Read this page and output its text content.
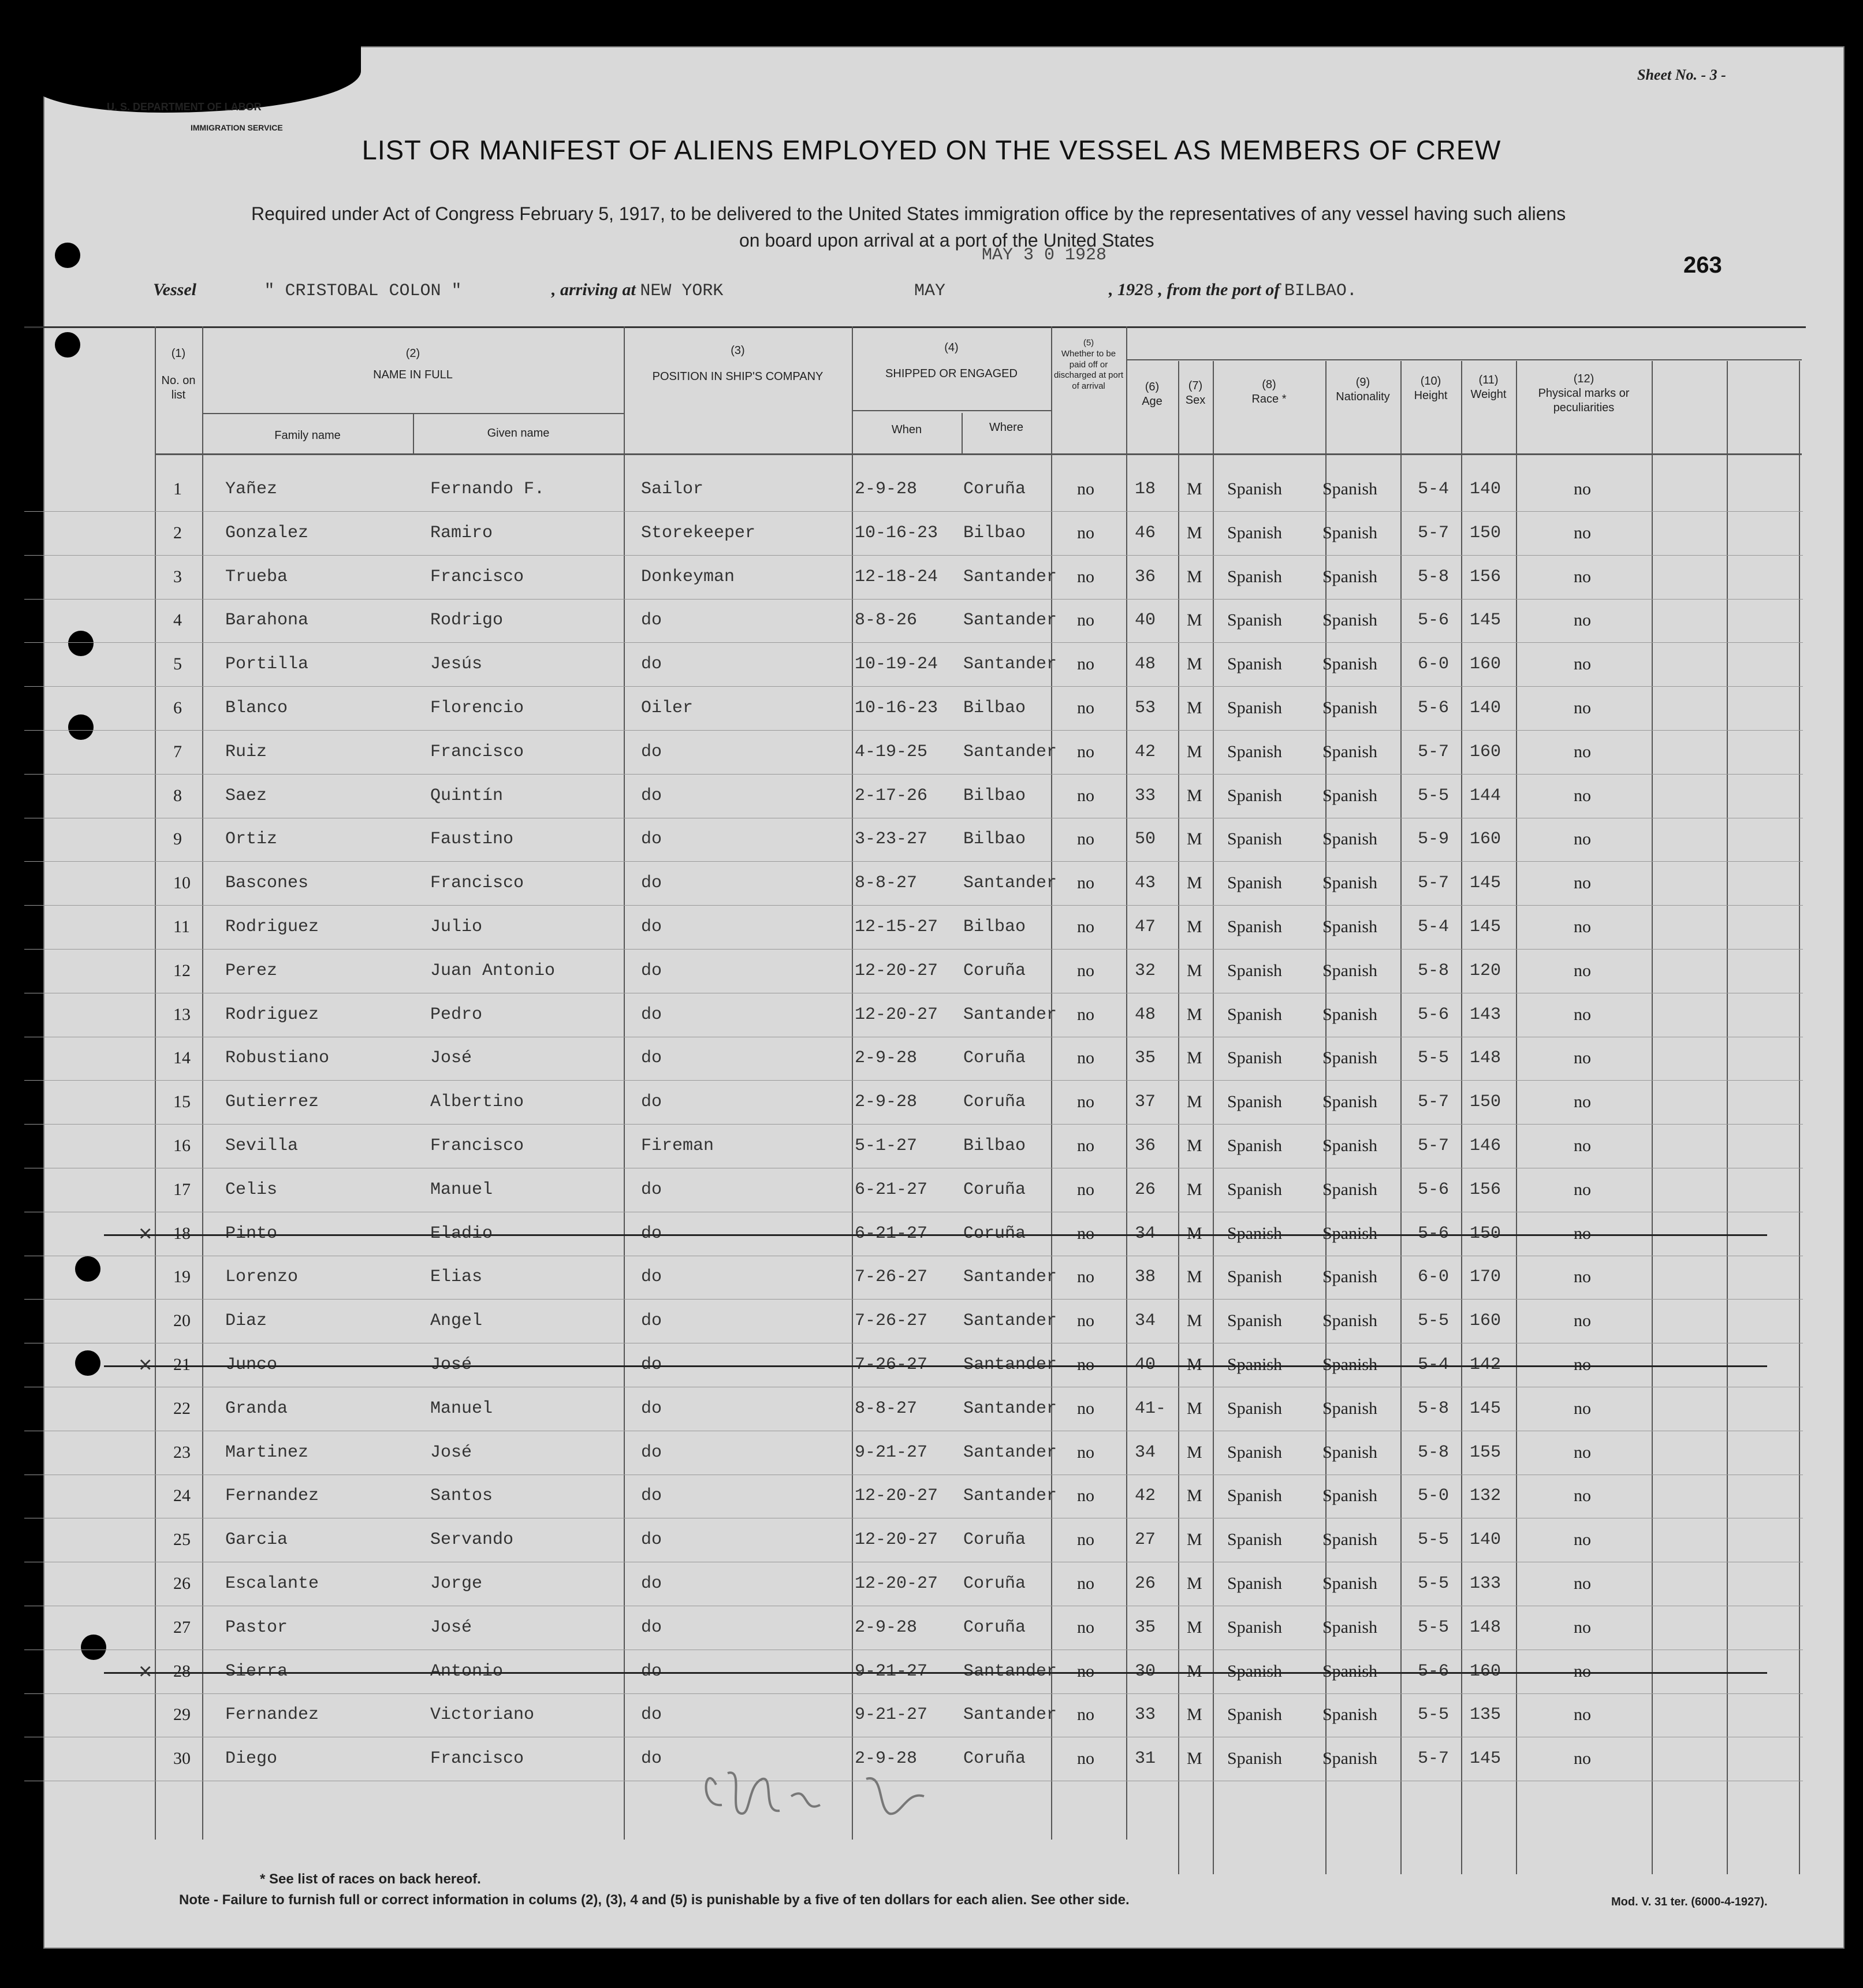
U. S. DEPARTMENT OF LABOR
IMMIGRATION SERVICE
Sheet No. - 3 -
LIST OR MANIFEST OF ALIENS EMPLOYED ON THE VESSEL AS MEMBERS OF CREW
Required under Act of Congress February 5, 1917, to be delivered to the United States immigration office by the representatives of any vessel having such aliens
on board upon arrival at a port of the United States
Vessel	" CRISTOBAL COLON "	, arriving at NEW YORK	MAY
MAY 3 0 1928
, 1928 , from the port of BILBAO.
263
(1)
No. on list
(2)
NAME IN FULL
Family name	Given name
(3)
POSITION IN SHIP'S COMPANY
(4)
SHIPPED OR ENGAGED
When	Where
(5)
Whether to be paid off or discharged at port of arrival	(6)
Age
(7)
Sex
(8)
Race *
(9)
Nationality
(10)
Height
(11)
Weight
(12)
Physical marks or peculiarities
1	Yañez	Fernando F.	Sailor	2-9-28	Coruña	no 18 M Spanish Spanish 5-4 140	no
2	Gonzalez	Ramiro	Storekeeper	10-16-23 Bilbao	no 46 M Spanish Spanish 5-7 150	no
3	Trueba	Francisco	Donkeyman	12-18-24 Santander no 36 M Spanish Spanish 5-8 156	no
4	Barahona	Rodrigo	do	8-8-26	Santander no 40 M Spanish Spanish 5-6 145	no
5	Portilla	Jesús	do	10-19-24 Santander no 48 M Spanish Spanish 6-0 160	no
6	Blanco	Florencio	Oiler	10-16-23 Bilbao	no 53 M Spanish Spanish 5-6 140	no
7	Ruiz	Francisco	do	4-19-25 Santander no 42 M Spanish Spanish 5-7 160	no
8	Saez	Quintín	do	2-17-26 Bilbao	no 33 M Spanish Spanish 5-5 144	no
9	Ortiz	Faustino	do	3-23-27 Bilbao	no 50 M Spanish Spanish 5-9 160	no
10 Bascones	Francisco	do	8-8-27	Santander no 43 M Spanish Spanish 5-7 145	no
11 Rodriguez	Julio	do	12-15-27 Bilbao	no 47 M Spanish Spanish 5-4 145	no
12 Perez	Juan Antonio	do	12-20-27 Coruña	no 32 M Spanish Spanish 5-8 120	no
13 Rodriguez	Pedro	do	12-20-27 Santander no 48 M Spanish Spanish 5-6 143	no
14 Robustiano	José	do	2-9-28	Coruña	no 35 M Spanish Spanish 5-5 148	no
15 Gutierrez	Albertino	do	2-9-28	Coruña	no 37 M Spanish Spanish 5-7 150	no
16 Sevilla	Francisco	Fireman	5-1-27	Bilbao	no 36 M Spanish Spanish 5-7 146	no
17 Celis	Manuel	do	6-21-27 Coruña	no 26 M Spanish Spanish 5-6 156	no
18 Pinto	Eladio	do	6-21-27 Coruña	no 34 M Spanish Spanish 5-6 150	no
×
19 Lorenzo	Elias	do	7-26-27 Santander no 38 M Spanish Spanish 6-0 170	no
20 Diaz	Angel	do	7-26-27 Santander no 34 M Spanish Spanish 5-5 160	no
21 Junco	José	do	7-26-27 Santander no 40 M Spanish Spanish 5-4 142	no
×
22 Granda	Manuel	do	8-8-27	Santander no 41- M Spanish Spanish 5-8 145	no
23 Martinez	José	do	9-21-27 Santander no 34 M Spanish Spanish 5-8 155	no
24 Fernandez	Santos	do	12-20-27 Santander no 42 M Spanish Spanish 5-0 132	no
25 Garcia	Servando	do	12-20-27 Coruña	no 27 M Spanish Spanish 5-5 140	no
26 Escalante	Jorge	do	12-20-27 Coruña	no 26 M Spanish Spanish 5-5 133	no
27 Pastor	José	do	2-9-28	Coruña	no 35 M Spanish Spanish 5-5 148	no
28 Sierra	Antonio	do	9-21-27 Santander no 30 M Spanish Spanish 5-6 160	no
×
29 Fernandez	Victoriano	do	9-21-27 Santander no 33 M Spanish Spanish 5-5 135	no
30 Diego	Francisco	do	2-9-28	Coruña	no 31 M Spanish Spanish 5-7 145	no
* See list of races on back hereof.
Note - Failure to furnish full or correct information in colums (2), (3), 4 and (5) is punishable by a five of ten dollars for each alien. See other side.	Mod. V. 31 ter. (6000-4-1927).
